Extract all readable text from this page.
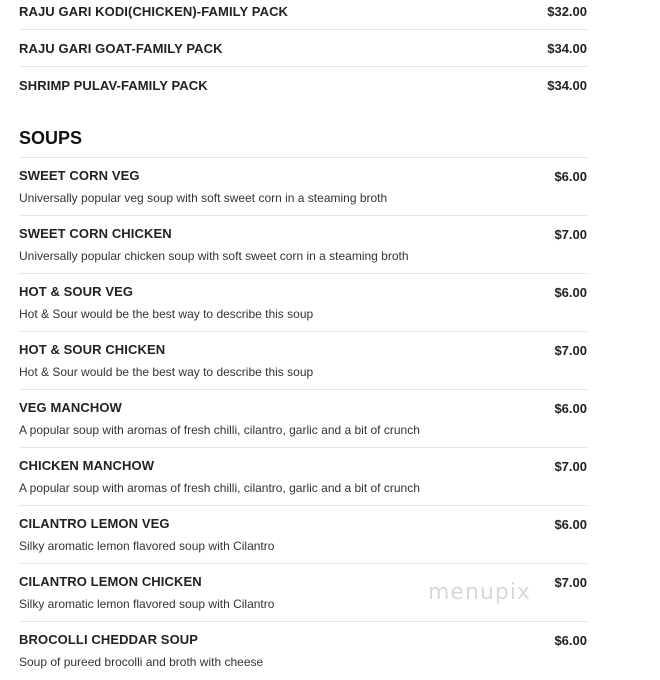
RAJU GARI KODI(CHICKEN)-FAMILY PACK	$32.00
RAJU GARI GOAT-FAMILY PACK	$34.00
SHRIMP PULAV-FAMILY PACK	$34.00
SOUPS
SWEET CORN VEG	$6.00
Universally popular veg soup with soft sweet corn in a steaming broth
SWEET CORN CHICKEN	$7.00
Universally popular chicken soup with soft sweet corn in a steaming broth
HOT & SOUR VEG	$6.00
Hot & Sour would be the best way to describe this soup
HOT & SOUR CHICKEN	$7.00
Hot & Sour would be the best way to describe this soup
VEG MANCHOW	$6.00
A popular soup with aromas of fresh chilli, cilantro, garlic and a bit of crunch
CHICKEN MANCHOW	$7.00
A popular soup with aromas of fresh chilli, cilantro, garlic and a bit of crunch
CILANTRO LEMON VEG	$6.00
Silky aromatic lemon flavored soup with Cilantro
CILANTRO LEMON CHICKEN	$7.00
Silky aromatic lemon flavored soup with Cilantro
BROCOLLI CHEDDAR SOUP	$6.00
Soup of pureed brocolli and broth with cheese
menupix
